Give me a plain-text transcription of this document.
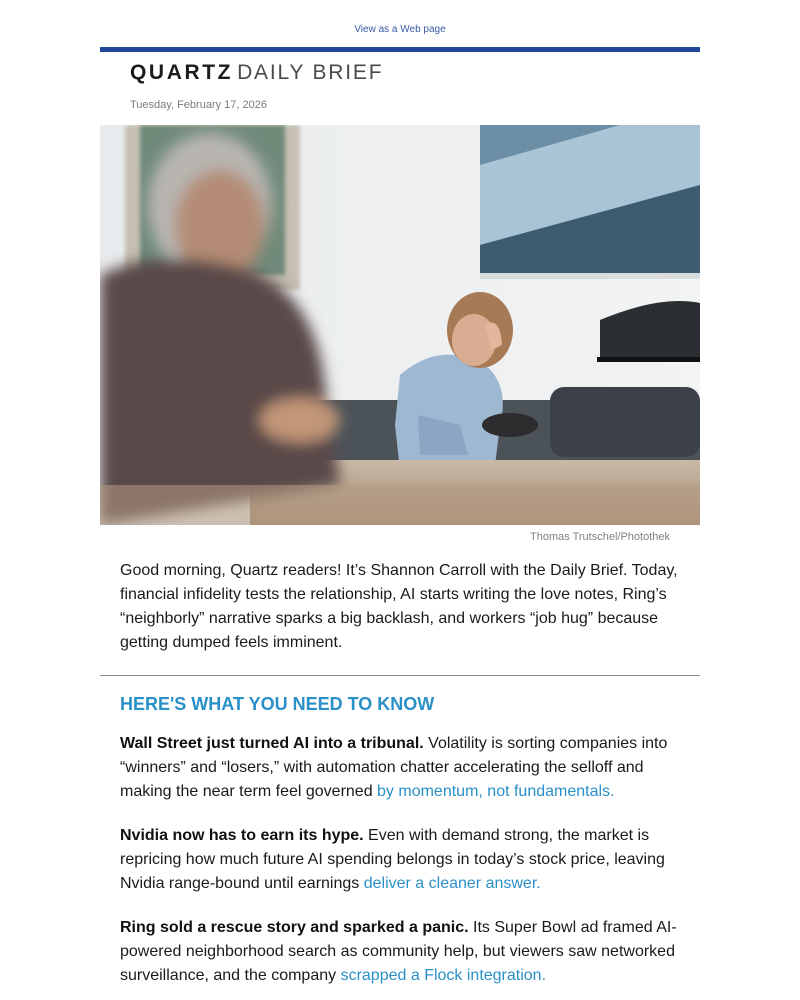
View as a Web page
QUARTZ DAILY BRIEF
Tuesday, February 17, 2026
Thomas Trutschel/Photothek

Good morning, Quartz readers! It’s Shannon Carroll with the Daily Brief. Today, financial infidelity tests the relationship, AI starts writing the love notes, Ring’s “neighborly” narrative sparks a big backlash, and workers “job hug” because getting dumped feels imminent.

HERE'S WHAT YOU NEED TO KNOW

Wall Street just turned AI into a tribunal. Volatility is sorting companies into “winners” and “losers,” with automation chatter accelerating the selloff and making the near term feel governed by momentum, not fundamentals.

Nvidia now has to earn its hype. Even with demand strong, the market is repricing how much future AI spending belongs in today’s stock price, leaving Nvidia range-bound until earnings deliver a cleaner answer.

Ring sold a rescue story and sparked a panic. Its Super Bowl ad framed AI-powered neighborhood search as community help, but viewers saw networked surveillance, and the company scrapped a Flock integration.
